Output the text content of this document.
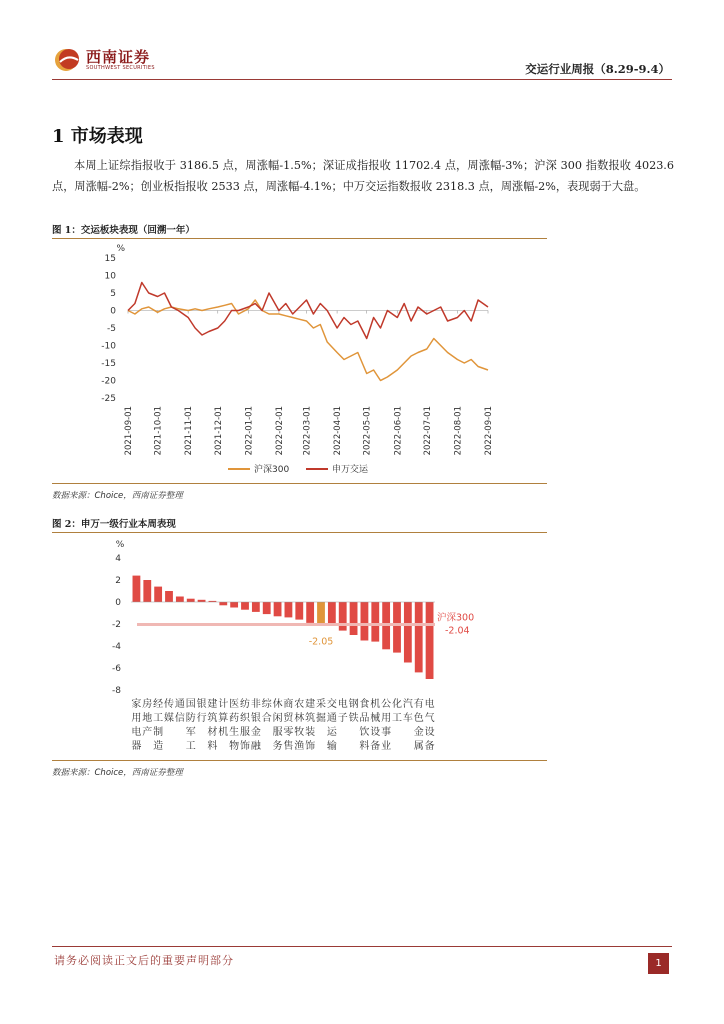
西南证券
SOUTHWEST SECURITIES	交运行业周报（8.29-9.4）
1 市场表现
本周上证综指报收于 3186.5 点，周涨幅-1.5%；深证成指报收 11702.4 点，周涨幅-3%；沪深 300 指数报收 4023.6 点，周涨幅-2%；创业板指报收 2533 点，周涨幅-4.1%；中万交运指数报收 2318.3 点，周涨幅-2%，表现弱于大盘。
图 1：交运板块表现（回溯一年）
%
15
10
5
0
-5
-10
-15
-20
-25
2021-09-01 2021-10-01 2021-11-01 2021-12-01 2022-01-01 2022-02-01 2022-03-01 2022-04-01 2022-05-01 2022-06-01 2022-07-01 2022-08-01 2022-09-01
沪深300	申万交运
数据来源：Choice，西南证券整理
图 2：申万一级行业本周表现
%
4
2
0
-2
-4
-6
-8
家
用
电
器
房
地
产
经
工
制
造
传
媒
通
信
国
防
军
工
银
行
建
筑
材
料
计
算
机
医
药
生
物
纺
织
服
饰
非
银
金
融
综
合
休
闲
服
务
商
贸
零
售
农
林
牧
渔
建
筑
装
饰
采
掘
交
通
运
输
电
子
钢
铁
食
品
饮
料
机
械
设
备
公
用
事
业
化
工
汽
车
有
色
金
属
电
气
设
备
沪深300
-2.04
-2.05
数据来源：Choice，西南证券整理
请务必阅读正文后的重要声明部分	1
